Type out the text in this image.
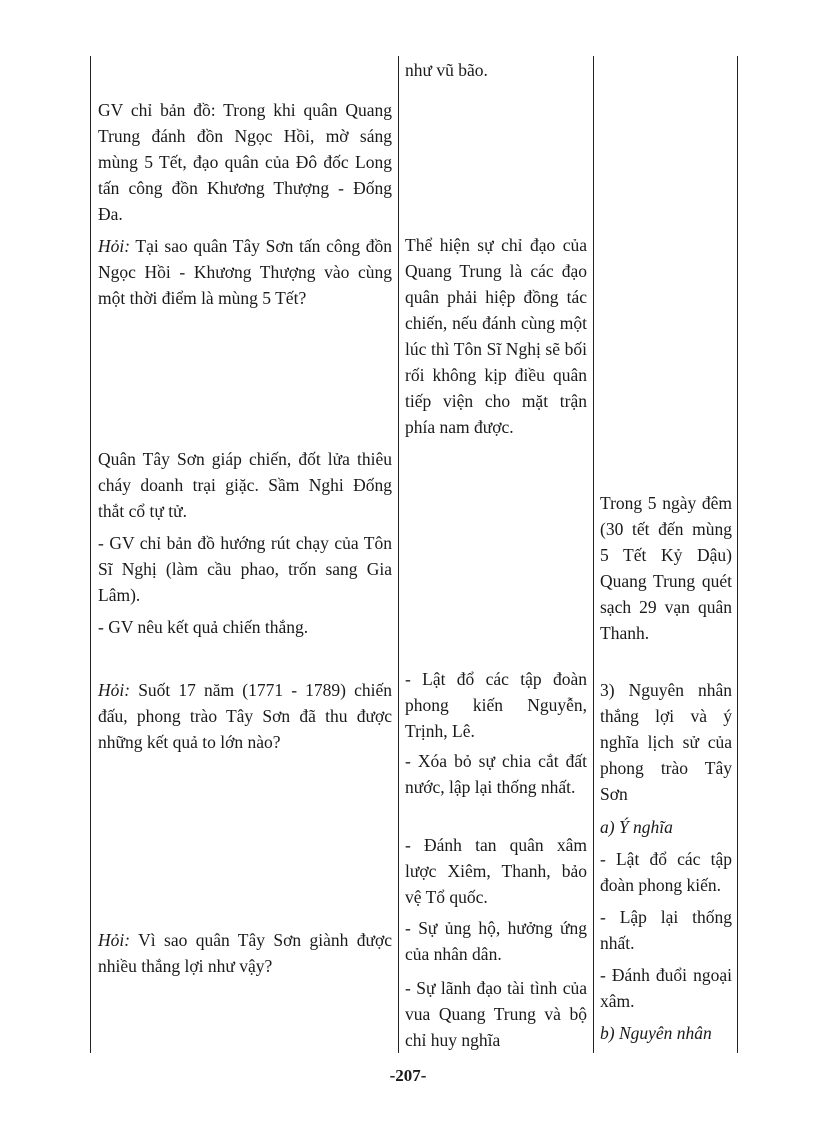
GV chỉ bản đồ: Trong khi quân Quang Trung đánh đồn Ngọc Hồi, mờ sáng mùng 5 Tết, đạo quân của Đô đốc Long tấn công đồn Khương Thượng - Đống Đa.

Hỏi: Tại sao quân Tây Sơn tấn công đồn Ngọc Hồi - Khương Thượng vào cùng một thời điểm là mùng 5 Tết?

Quân Tây Sơn giáp chiến, đốt lửa thiêu cháy doanh trại giặc. Sầm Nghi Đống thắt cổ tự tử.

- GV chỉ bản đồ hướng rút chạy của Tôn Sĩ Nghị (làm cầu phao, trốn sang Gia Lâm).

- GV nêu kết quả chiến thắng.

Hỏi: Suốt 17 năm (1771 - 1789) chiến đấu, phong trào Tây Sơn đã thu được những kết quả to lớn nào?

Hỏi: Vì sao quân Tây Sơn giành được nhiều thắng lợi như vậy?

như vũ bão.

Thể hiện sự chỉ đạo của Quang Trung là các đạo quân phải hiệp đồng tác chiến, nếu đánh cùng một lúc thì Tôn Sĩ Nghị sẽ bối rối không kịp điều quân tiếp viện cho mặt trận phía nam được.

- Lật đổ các tập đoàn phong kiến Nguyễn, Trịnh, Lê.

- Xóa bỏ sự chia cắt đất nước, lập lại thống nhất.

- Đánh tan quân xâm lược Xiêm, Thanh, bảo vệ Tổ quốc.

- Sự ủng hộ, hưởng ứng của nhân dân.

- Sự lãnh đạo tài tình của vua Quang Trung và bộ chỉ huy nghĩa

Trong 5 ngày đêm (30 tết đến mùng 5 Tết Kỷ Dậu) Quang Trung quét sạch 29 vạn quân Thanh.

3) Nguyên nhân thắng lợi và ý nghĩa lịch sử của phong trào Tây Sơn

a) Ý nghĩa

- Lật đổ các tập đoàn phong kiến.

- Lập lại thống nhất.

- Đánh đuổi ngoại xâm.

b) Nguyên nhân

-207-
